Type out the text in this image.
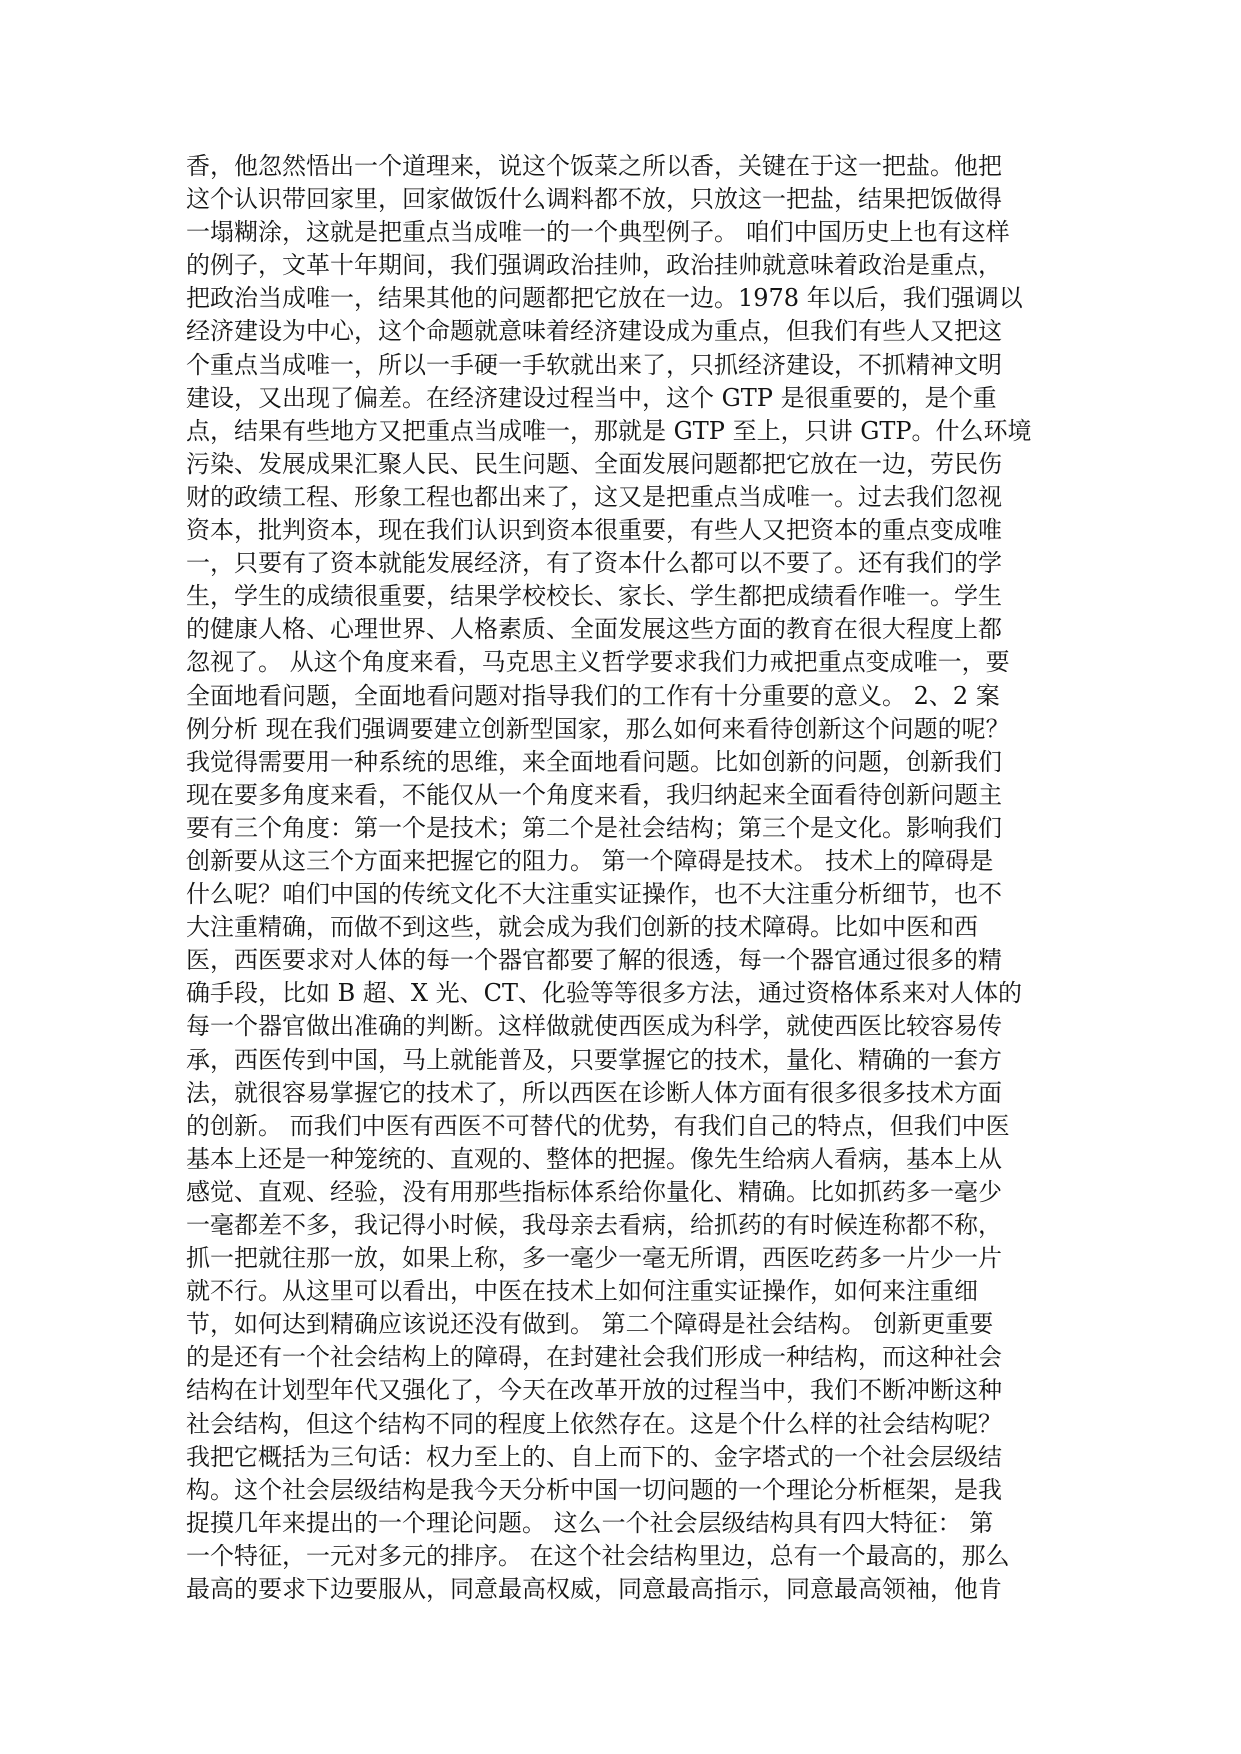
香，他忽然悟出一个道理来，说这个饭菜之所以香，关键在于这一把盐。他把
这个认识带回家里，回家做饭什么调料都不放，只放这一把盐，结果把饭做得
一塌糊涂，这就是把重点当成唯一的一个典型例子。 咱们中国历史上也有这样
的例子，文革十年期间，我们强调政治挂帅，政治挂帅就意味着政治是重点，
把政治当成唯一，结果其他的问题都把它放在一边。1978 年以后，我们强调以
经济建设为中心，这个命题就意味着经济建设成为重点，但我们有些人又把这
个重点当成唯一，所以一手硬一手软就出来了，只抓经济建设，不抓精神文明
建设，又出现了偏差。在经济建设过程当中，这个 GTP 是很重要的，是个重
点，结果有些地方又把重点当成唯一，那就是 GTP 至上，只讲 GTP。什么环境
污染、发展成果汇聚人民、民生问题、全面发展问题都把它放在一边，劳民伤
财的政绩工程、形象工程也都出来了，这又是把重点当成唯一。过去我们忽视
资本，批判资本，现在我们认识到资本很重要，有些人又把资本的重点变成唯
一，只要有了资本就能发展经济，有了资本什么都可以不要了。还有我们的学
生，学生的成绩很重要，结果学校校长、家长、学生都把成绩看作唯一。学生
的健康人格、心理世界、人格素质、全面发展这些方面的教育在很大程度上都
忽视了。 从这个角度来看，马克思主义哲学要求我们力戒把重点变成唯一，要
全面地看问题，全面地看问题对指导我们的工作有十分重要的意义。 2、2 案
例分析 现在我们强调要建立创新型国家，那么如何来看待创新这个问题的呢？
我觉得需要用一种系统的思维，来全面地看问题。比如创新的问题，创新我们
现在要多角度来看，不能仅从一个角度来看，我归纳起来全面看待创新问题主
要有三个角度：第一个是技术；第二个是社会结构；第三个是文化。影响我们
创新要从这三个方面来把握它的阻力。 第一个障碍是技术。 技术上的障碍是
什么呢？咱们中国的传统文化不大注重实证操作，也不大注重分析细节，也不
大注重精确，而做不到这些，就会成为我们创新的技术障碍。比如中医和西
医，西医要求对人体的每一个器官都要了解的很透，每一个器官通过很多的精
确手段，比如 B 超、X 光、CT、化验等等很多方法，通过资格体系来对人体的
每一个器官做出准确的判断。这样做就使西医成为科学，就使西医比较容易传
承，西医传到中国，马上就能普及，只要掌握它的技术，量化、精确的一套方
法，就很容易掌握它的技术了，所以西医在诊断人体方面有很多很多技术方面
的创新。 而我们中医有西医不可替代的优势，有我们自己的特点，但我们中医
基本上还是一种笼统的、直观的、整体的把握。像先生给病人看病，基本上从
感觉、直观、经验，没有用那些指标体系给你量化、精确。比如抓药多一毫少
一毫都差不多，我记得小时候，我母亲去看病，给抓药的有时候连称都不称，
抓一把就往那一放，如果上称，多一毫少一毫无所谓，西医吃药多一片少一片
就不行。从这里可以看出，中医在技术上如何注重实证操作，如何来注重细
节，如何达到精确应该说还没有做到。 第二个障碍是社会结构。 创新更重要
的是还有一个社会结构上的障碍，在封建社会我们形成一种结构，而这种社会
结构在计划型年代又强化了，今天在改革开放的过程当中，我们不断冲断这种
社会结构，但这个结构不同的程度上依然存在。这是个什么样的社会结构呢？
我把它概括为三句话：权力至上的、自上而下的、金字塔式的一个社会层级结
构。这个社会层级结构是我今天分析中国一切问题的一个理论分析框架，是我
捉摸几年来提出的一个理论问题。 这么一个社会层级结构具有四大特征： 第
一个特征，一元对多元的排序。 在这个社会结构里边，总有一个最高的，那么
最高的要求下边要服从，同意最高权威，同意最高指示，同意最高领袖，他肯
